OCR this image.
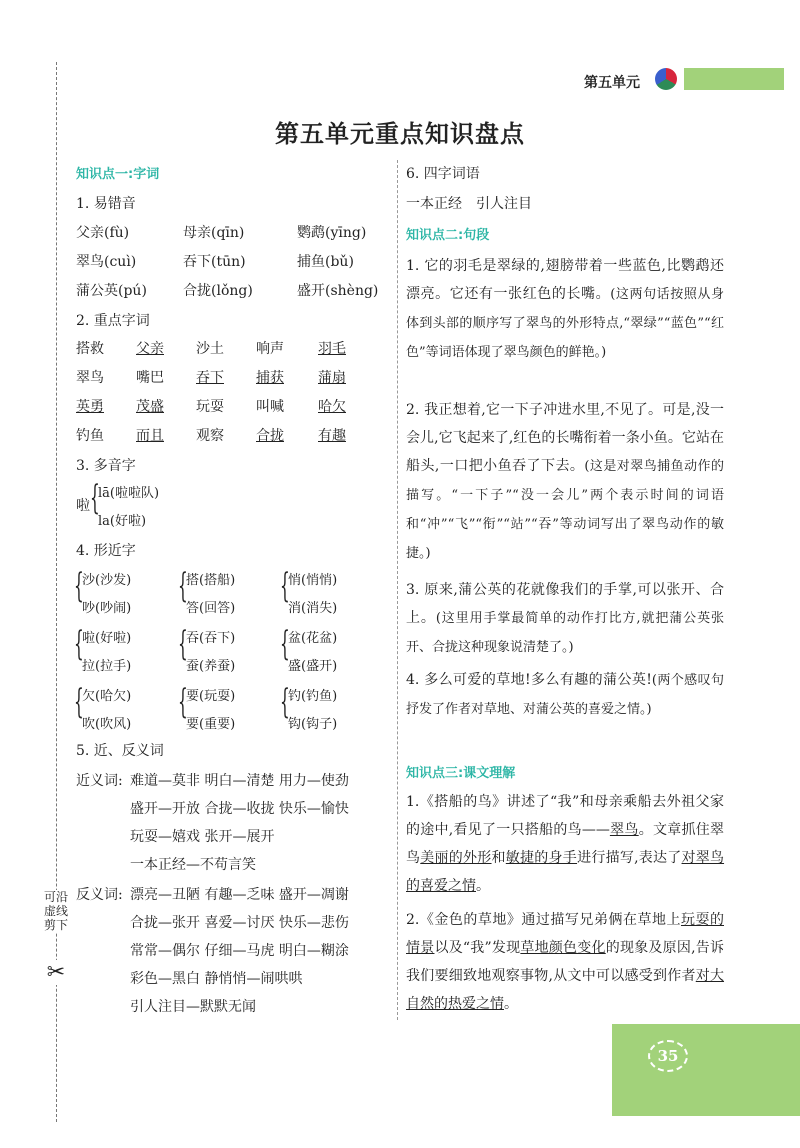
可沿虚线剪下
✂
第五单元
第五单元重点知识盘点
知识点一:字词
1. 易错音
父亲(fù)	母亲(qīn)	鹦鹉(yīng)
翠鸟(cuì)	吞下(tūn)	捕鱼(bǔ)
蒲公英(pú)	合拢(lǒng)	盛开(shèng)
2. 重点字词
搭救 父亲 沙土 响声 羽毛
翠鸟 嘴巴 吞下 捕获 蒲扇
英勇 茂盛 玩耍 叫喊 哈欠
钓鱼 而且 观察 合拢 有趣
3. 多音字
啦 {
lā(啦啦队)
la(好啦)
4. 形近字
{
沙(沙发)
吵(吵闹)
{
搭(搭船)
答(回答)
{
悄(悄悄)
消(消失)
{
啦(好啦)
拉(拉手)
{
吞(吞下)
蚕(养蚕)
{
盆(花盆)
盛(盛开)
{
欠(哈欠)
吹(吹风)
{
要(玩耍)
要(重要)
{
钓(钓鱼)
钩(钩子)
5. 近、反义词
近义词: 难道—莫非 明白—清楚 用力—使劲
盛开—开放 合拢—收拢 快乐—愉快
玩耍—嬉戏 张开—展开
一本正经—不苟言笑
反义词: 漂亮—丑陋 有趣—乏味 盛开—凋谢
合拢—张开 喜爱—讨厌 快乐—悲伤
常常—偶尔 仔细—马虎 明白—糊涂
彩色—黑白 静悄悄—闹哄哄
引人注目—默默无闻
6. 四字词语
一本正经　引人注目
知识点二:句段
1. 它的羽毛是翠绿的,翅膀带着一些蓝色,比鹦鹉还漂亮。它还有一张红色的长嘴。(这两句话按照从身体到头部的顺序写了翠鸟的外形特点,“翠绿”“蓝色”“红色”等词语体现了翠鸟颜色的鲜艳。)
2. 我正想着,它一下子冲进水里,不见了。可是,没一会儿,它飞起来了,红色的长嘴衔着一条小鱼。它站在船头,一口把小鱼吞了下去。(这是对翠鸟捕鱼动作的描写。“一下子”“没一会儿”两个表示时间的词语和“冲”“飞”“衔”“站”“吞”等动词写出了翠鸟动作的敏捷。)
3. 原来,蒲公英的花就像我们的手掌,可以张开、合上。(这里用手掌最简单的动作打比方,就把蒲公英张开、合拢这种现象说清楚了。)
4. 多么可爱的草地!多么有趣的蒲公英!(两个感叹句抒发了作者对草地、对蒲公英的喜爱之情。)
知识点三:课文理解
1.《搭船的鸟》讲述了“我”和母亲乘船去外祖父家的途中,看见了一只搭船的鸟——翠鸟。文章抓住翠鸟美丽的外形和敏捷的身手进行描写,表达了对翠鸟的喜爱之情。
2.《金色的草地》通过描写兄弟俩在草地上玩耍的情景以及“我”发现草地颜色变化的现象及原因,告诉我们要细致地观察事物,从文中可以感受到作者对大自然的热爱之情。
35
